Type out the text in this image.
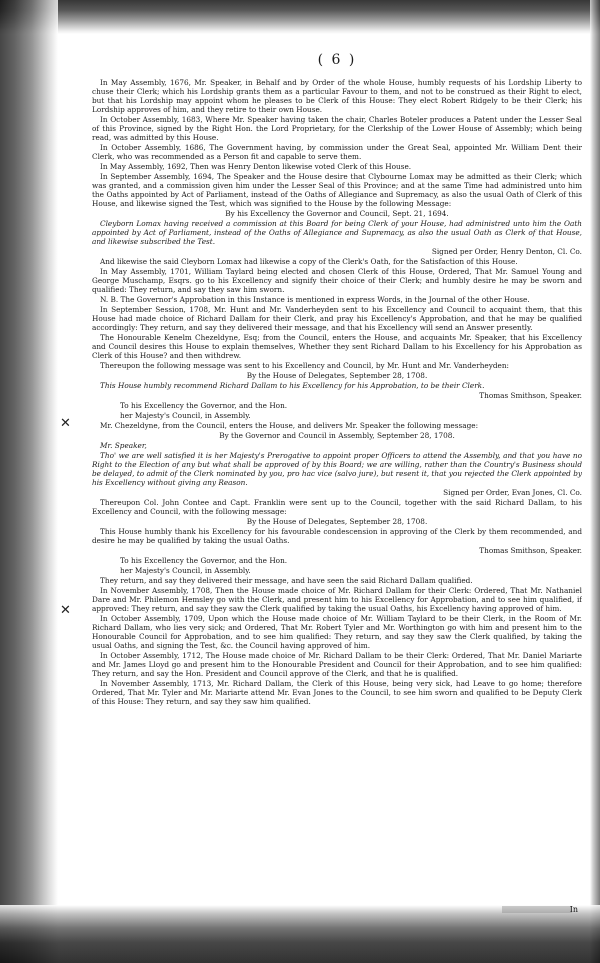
✕
✕
( 6 )

In May Assembly, 1676, Mr. Speaker, in Behalf and by Order of the whole House, humbly requests of his Lordship Liberty to chuse their Clerk; which his Lordship grants them as a particular Favour to them, and not to be construed as their Right to elect, but that his Lordship may appoint whom he pleases to be Clerk of this House: They elect Robert Ridgely to be their Clerk; his Lordship approves of him, and they retire to their own House.

In October Assembly, 1683, Where Mr. Speaker having taken the chair, Charles Boteler produces a Patent under the Lesser Seal of this Province, signed by the Right Hon. the Lord Proprietary, for the Clerkship of the Lower House of Assembly; which being read, was admitted by this House.

In October Assembly, 1686, The Government having, by commission under the Great Seal, appointed Mr. William Dent their Clerk, who was recommended as a Person fit and capable to serve them.

In May Assembly, 1692, Then was Henry Denton likewise voted Clerk of this House.

In September Assembly, 1694, The Speaker and the House desire that Clybourne Lomax may be admitted as their Clerk; which was granted, and a commission given him under the Lesser Seal of this Province; and at the same Time had administred unto him the Oaths appointed by Act of Parliament, instead of the Oaths of Allegiance and Supremacy, as also the usual Oath of Clerk of this House, and likewise signed the Test, which was signified to the House by the following Message:

By his Excellency the Governor and Council, Sept. 21, 1694.

Cleyborn Lomax having received a commission at this Board for being Clerk of your House, had administred unto him the Oath appointed by Act of Parliament, instead of the Oaths of Allegiance and Supremacy, as also the usual Oath as Clerk of that House, and likewise subscribed the Test.

Signed per Order, Henry Denton, Cl. Co.

And likewise the said Cleyborn Lomax had likewise a copy of the Clerk's Oath, for the Satisfaction of this House.

In May Assembly, 1701, William Taylard being elected and chosen Clerk of this House, Ordered, That Mr. Samuel Young and George Muschamp, Esqrs. go to his Excellency and signify their choice of their Clerk; and humbly desire he may be sworn and qualified: They return, and say they saw him sworn.

N. B. The Governor's Approbation in this Instance is mentioned in express Words, in the Journal of the other House.

In September Session, 1708, Mr. Hunt and Mr. Vanderheyden sent to his Excellency and Council to acquaint them, that this House had made choice of Richard Dallam for their Clerk, and pray his Excellency's Approbation, and that he may be qualified accordingly: They return, and say they delivered their message, and that his Excellency will send an Answer presently.

The Honourable Kenelm Chezeldyne, Esq; from the Council, enters the House, and acquaints Mr. Speaker, that his Excellency and Council desires this House to explain themselves, Whether they sent Richard Dallam to his Excellency for his Approbation as Clerk of this House? and then withdrew.

Thereupon the following message was sent to his Excellency and Council, by Mr. Hunt and Mr. Vanderheyden:

By the House of Delegates, September 28, 1708.

This House humbly recommend Richard Dallam to his Excellency for his Approbation, to be their Clerk.

Thomas Smithson, Speaker.

To his Excellency the Governor, and the Hon.

her Majesty's Council, in Assembly.

Mr. Chezeldyne, from the Council, enters the House, and delivers Mr. Speaker the following message:

By the Governor and Council in Assembly, September 28, 1708.

Mr. Speaker,

Tho' we are well satisfied it is her Majesty's Prerogative to appoint proper Officers to attend the Assembly, and that you have no Right to the Election of any but what shall be approved of by this Board; we are willing, rather than the Country's Business should be delayed, to admit of the Clerk nominated by you, pro hac vice (salvo jure), but resent it, that you rejected the Clerk appointed by his Excellency without giving any Reason.

Signed per Order, Evan Jones, Cl. Co.

Thereupon Col. John Contee and Capt. Franklin were sent up to the Council, together with the said Richard Dallam, to his Excellency and Council, with the following message:

By the House of Delegates, September 28, 1708.

This House humbly thank his Excellency for his favourable condescension in approving of the Clerk by them recommended, and desire he may be qualified by taking the usual Oaths.

Thomas Smithson, Speaker.

To his Excellency the Governor, and the Hon.

her Majesty's Council, in Assembly.

They return, and say they delivered their message, and have seen the said Richard Dallam qualified.

In November Assembly, 1708, Then the House made choice of Mr. Richard Dallam for their Clerk: Ordered, That Mr. Nathaniel Dare and Mr. Philemon Hemsley go with the Clerk, and present him to his Excellency for Approbation, and to see him qualified, if approved: They return, and say they saw the Clerk qualified by taking the usual Oaths, his Excellency having approved of him.

In October Assembly, 1709, Upon which the House made choice of Mr. William Taylard to be their Clerk, in the Room of Mr. Richard Dallam, who lies very sick; and Ordered, That Mr. Robert Tyler and Mr. Worthington go with him and present him to the Honourable Council for Approbation, and to see him qualified: They return, and say they saw the Clerk qualified, by taking the usual Oaths, and signing the Test, &c. the Council having approved of him.

In October Assembly, 1712, The House made choice of Mr. Richard Dallam to be their Clerk: Ordered, That Mr. Daniel Mariarte and Mr. James Lloyd go and present him to the Honourable President and Council for their Approbation, and to see him qualified: They return, and say the Hon. President and Council approve of the Clerk, and that he is qualified.

In November Assembly, 1713, Mr. Richard Dallam, the Clerk of this House, being very sick, had Leave to go home; therefore Ordered, That Mr. Tyler and Mr. Mariarte attend Mr. Evan Jones to the Council, to see him sworn and qualified to be Deputy Clerk of this House: They return, and say they saw him qualified.

In
